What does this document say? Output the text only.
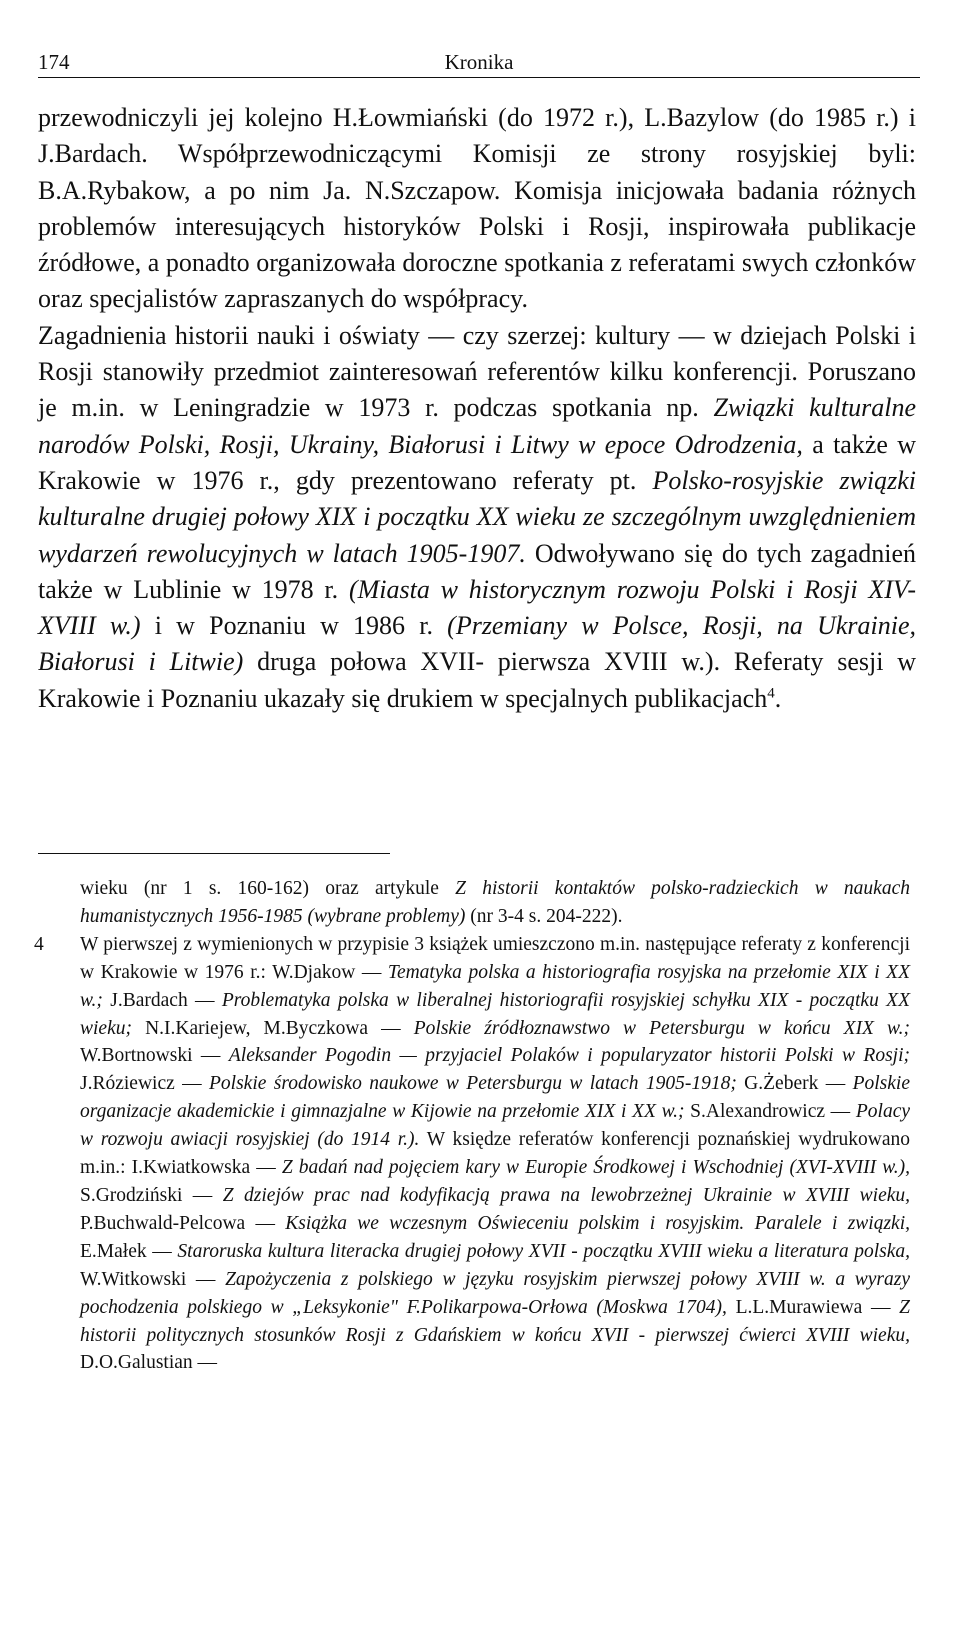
174	Kronika

przewodniczyli jej kolejno H.Łowmiański (do 1972 r.), L.Bazylow (do 1985 r.) i J.Bardach. Współprzewodniczącymi Komisji ze strony rosyjskiej byli: B.A.Rybakow, a po nim Ja. N.Szczapow. Komisja inicjowała badania różnych problemów interesujących historyków Polski i Rosji, inspirowała publikacje źródłowe, a ponadto organizowała doroczne spotkania z referatami swych członków oraz specjalistów zapraszanych do współpracy.

Zagadnienia historii nauki i oświaty — czy szerzej: kultury — w dziejach Polski i Rosji stanowiły przedmiot zainteresowań referentów kilku konferencji. Poruszano je m.in. w Leningradzie w 1973 r. podczas spotkania np. Związki kulturalne narodów Polski, Rosji, Ukrainy, Białorusi i Litwy w epoce Odrodzenia, a także w Krakowie w 1976 r., gdy prezentowano referaty pt. Polsko-rosyjskie związki kulturalne drugiej połowy XIX i początku XX wieku ze szczególnym uwzględnieniem wydarzeń rewolucyjnych w latach 1905-1907. Odwoływano się do tych zagadnień także w Lublinie w 1978 r. (Miasta w historycznym rozwoju Polski i Rosji XIV-XVIII w.) i w Poznaniu w 1986 r. (Przemiany w Polsce, Rosji, na Ukrainie, Białorusi i Litwie) druga połowa XVII- pierwsza XVIII w.). Referaty sesji w Krakowie i Poznaniu ukazały się drukiem w specjalnych publikacjach$^4$.

wieku (nr 1 s. 160-162) oraz artykule Z historii kontaktów polsko-radzieckich w naukach humanistycznych 1956-1985 (wybrane problemy) (nr 3-4 s. 204-222).

4 W pierwszej z wymienionych w przypisie 3 książek umieszczono m.in. następujące referaty z konferencji w Krakowie w 1976 r.: W.Djakow — Tematyka polska a historiografia rosyjska na przełomie XIX i XX w.; J.Bardach — Problematyka polska w liberalnej historiografii rosyjskiej schyłku XIX - początku XX wieku; N.I.Kariejew, M.Byczkowa — Polskie źródłoznawstwo w Petersburgu w końcu XIX w.; W.Bortnowski — Aleksander Pogodin — przyjaciel Polaków i popularyzator historii Polski w Rosji; J.Róziewicz — Polskie środowisko naukowe w Petersburgu w latach 1905-1918; G.Żeberk — Polskie organizacje akademickie i gimnazjalne w Kijowie na przełomie XIX i XX w.; S.Alexandrowicz — Polacy w rozwoju awiacji rosyjskiej (do 1914 r.). W księdze referatów konferencji poznańskiej wydrukowano m.in.: I.Kwiatkowska — Z badań nad pojęciem kary w Europie Środkowej i Wschodniej (XVI-XVIII w.), S.Grodziński — Z dziejów prac nad kodyfikacją prawa na lewobrzeżnej Ukrainie w XVIII wieku, P.Buchwald-Pelcowa — Książka we wczesnym Oświeceniu polskim i rosyjskim. Paralele i związki, E.Małek — Staroruska kultura literacka drugiej połowy XVII - początku XVIII wieku a literatura polska, W.Witkowski — Zapożyczenia z polskiego w języku rosyjskim pierwszej połowy XVIII w. a wyrazy pochodzenia polskiego w „Leksykonie" F.Polikarpowa-Orłowa (Moskwa 1704), L.L.Murawiewa — Z historii politycznych stosunków Rosji z Gdańskiem w końcu XVII - pierwszej ćwierci XVIII wieku, D.O.Galustian —
